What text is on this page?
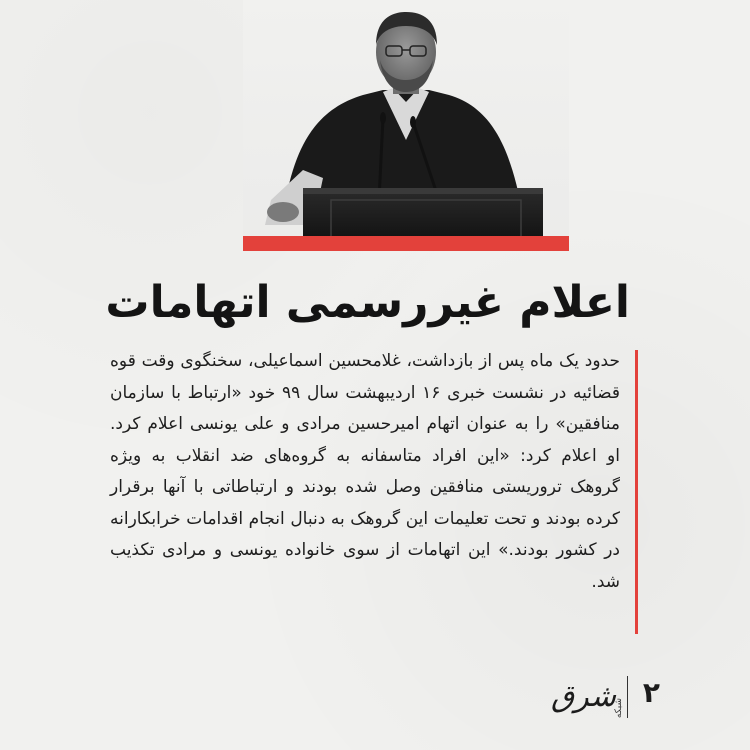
اعلام غیررسمی اتهامات

حدود یک ماه پس از بازداشت، غلامحسین اسماعیلی، سخنگوی وقت قوه قضائیه در نشست خبری ۱۶ اردیبهشت سال ۹۹ خود «ارتباط با سازمان منافقین» را به عنوان اتهام امیرحسین مرادی و علی یونسی اعلام کرد. او اعلام کرد: «این افراد متاسفانه به گروه‌های ضد انقلاب به ویژه گروهک تروریستی منافقین وصل شده بودند و ارتباطاتی با آنها برقرار کرده بودند و تحت تعلیمات این گروهک به دنبال انجام اقدامات خرابکارانه در کشور بودند.» این اتهامات از سوی خانواده یونسی و مرادی تکذیب شد.

۲
شرق
شبکه
